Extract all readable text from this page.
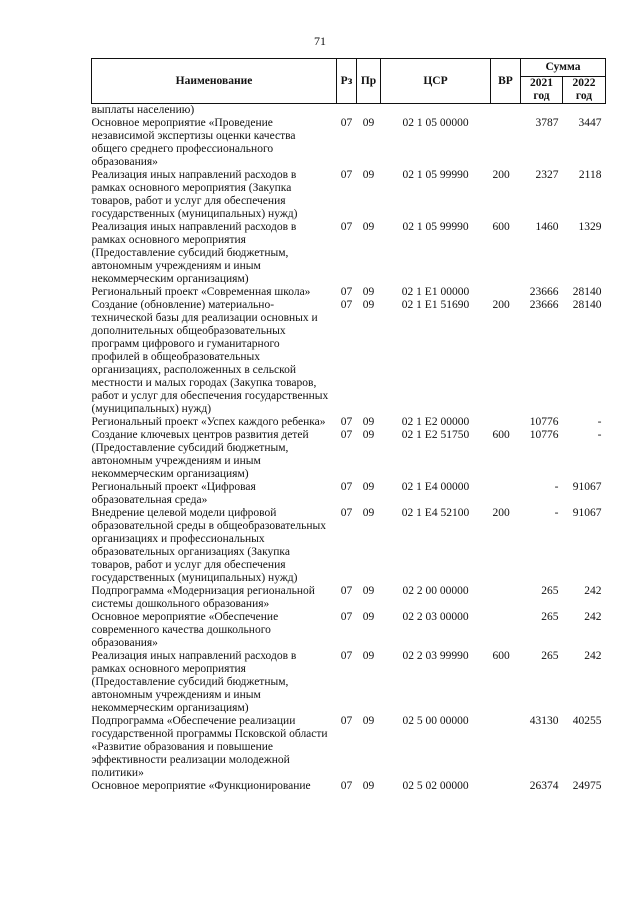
71
Наименование	Рз	Пр	ЦСР	ВР	Сумма	
					2021 год	2022 год
выплаты населению)						
Основное мероприятие «Проведение независимой экспертизы оценки качества общего среднего профессионального образования»	07	09	02 1 05 00000		3787	3447
Реализация иных направлений расходов в рамках основного мероприятия (Закупка товаров, работ и услуг для обеспечения государственных (муниципальных) нужд)	07	09	02 1 05 99990	200	2327	2118
Реализация иных направлений расходов в рамках основного мероприятия (Предоставление субсидий бюджетным, автономным учреждениям и иным некоммерческим организациям)	07	09	02 1 05 99990	600	1460	1329
Региональный проект «Современная школа»	07	09	02 1 E1 00000		23666	28140
Создание (обновление) материально-технической базы для реализации основных и дополнительных общеобразовательных программ цифрового и гуманитарного профилей в общеобразовательных организациях, расположенных в сельской местности и малых городах (Закупка товаров, работ и услуг для обеспечения государственных (муниципальных) нужд)	07	09	02 1 E1 51690	200	23666	28140
Региональный проект «Успех каждого ребенка»	07	09	02 1 E2 00000		10776	-
Создание ключевых центров развития детей (Предоставление субсидий бюджетным, автономным учреждениям и иным некоммерческим организациям)	07	09	02 1 E2 51750	600	10776	-
Региональный проект «Цифровая образовательная среда»	07	09	02 1 E4 00000		-	91067
Внедрение целевой модели цифровой образовательной среды в общеобразовательных организациях и профессиональных образовательных организациях (Закупка товаров, работ и услуг для обеспечения государственных (муниципальных) нужд)	07	09	02 1 E4 52100	200	-	91067
Подпрограмма «Модернизация региональной системы дошкольного образования»	07	09	02 2 00 00000		265	242
Основное мероприятие «Обеспечение современного качества дошкольного образования»	07	09	02 2 03 00000		265	242
Реализация иных направлений расходов в рамках основного мероприятия (Предоставление субсидий бюджетным, автономным учреждениям и иным некоммерческим организациям)	07	09	02 2 03 99990	600	265	242
Подпрограмма «Обеспечение реализации государственной программы Псковской области «Развитие образования и повышение эффективности реализации молодежной политики»	07	09	02 5 00 00000		43130	40255
Основное мероприятие «Функционирование	07	09	02 5 02 00000		26374	24975
